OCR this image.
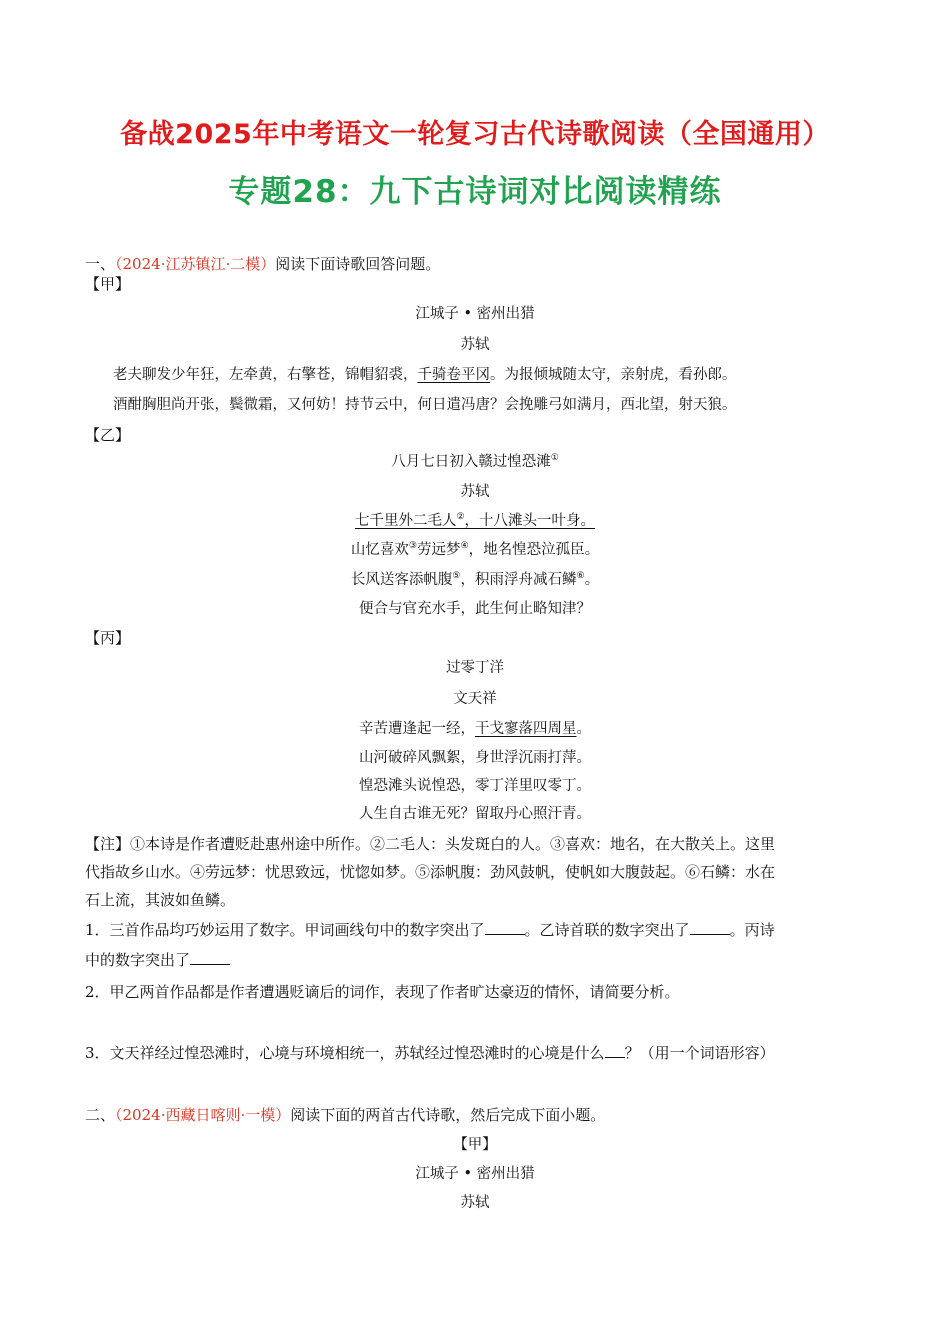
备战2025年中考语文一轮复习古代诗歌阅读（全国通用）
专题28：九下古诗词对比阅读精练
一、（2024·江苏镇江·二模）阅读下面诗歌回答问题。
【甲】
江城子 • 密州出猎
苏轼
老夫聊发少年狂，左牵黄，右擎苍，锦帽貂裘，千骑卷平冈。为报倾城随太守，亲射虎，看孙郎。
酒酣胸胆尚开张，鬓微霜，又何妨！持节云中，何日遣冯唐？会挽雕弓如满月，西北望，射天狼。
【乙】
八月七日初入赣过惶恐滩①
苏轼
七千里外二毛人②，十八滩头一叶身。
山忆喜欢③劳远梦④，地名惶恐泣孤臣。
长风送客添帆腹⑤，积雨浮舟减石鳞⑥。
便合与官充水手，此生何止略知津？
【丙】
过零丁洋
文天祥
辛苦遭逢起一经，干戈寥落四周星。
山河破碎风飘絮，身世浮沉雨打萍。
惶恐滩头说惶恐，零丁洋里叹零丁。
人生自古谁无死？留取丹心照汗青。
【注】①本诗是作者遭贬赴惠州途中所作。②二毛人：头发斑白的人。③喜欢：地名，在大散关上。这里
代指故乡山水。④劳远梦：忧思致远，忧惚如梦。⑤添帆腹：劲风鼓帆，使帆如大腹鼓起。⑥石鳞：水在
石上流，其波如鱼鳞。
1．三首作品均巧妙运用了数字。甲词画线句中的数字突出了	。乙诗首联的数字突出了	。丙诗
中的数字突出了
2．甲乙两首作品都是作者遭遇贬谪后的词作，表现了作者旷达豪迈的情怀，请简要分析。
3．文天祥经过惶恐滩时，心境与环境相统一，苏轼经过惶恐滩时的心境是什么 ？（用一个词语形容）
二、（2024·西藏日喀则·一模）阅读下面的两首古代诗歌，然后完成下面小题。
【甲】
江城子 • 密州出猎
苏轼
